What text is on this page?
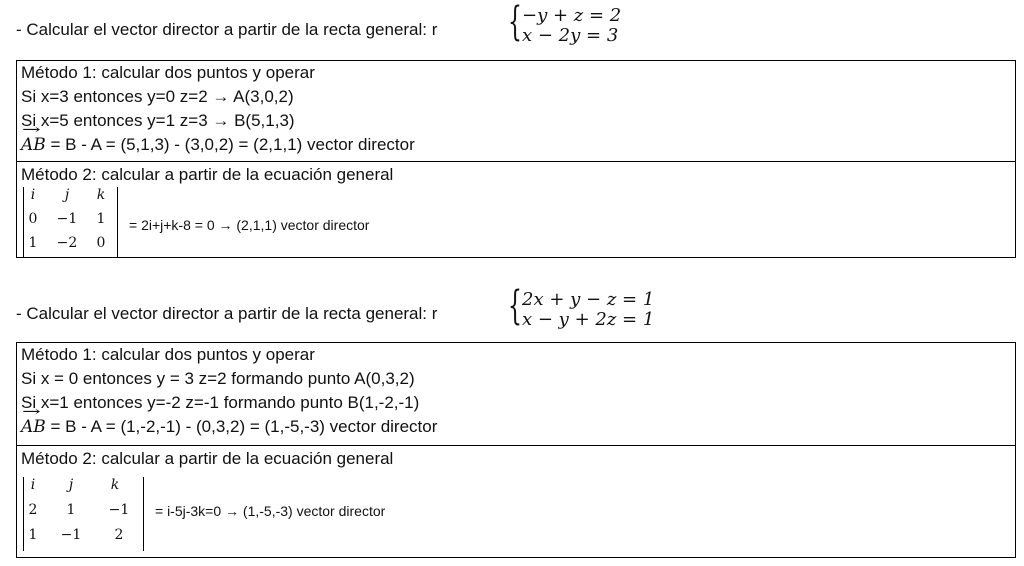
- Calcular el vector director a partir de la recta general: r { −y + z = 2
x − 2y = 3
Método 1: calcular dos puntos y operar
Si x=3 entonces y=0 z=2 → A(3,0,2)
Si x=5 entonces y=1 z=3 → B(5,1,3)
→ AB = B - A = (5,1,3) - (3,0,2) = (2,1,1) vector director
Método 2: calcular a partir de la ecuación general
i	j	k
0	−1	1
1	−2	0
= 2i+j+k-8 = 0 → (2,1,1) vector director
- Calcular el vector director a partir de la recta general: r { 2x + y − z = 1
x − y + 2z = 1
Método 1: calcular dos puntos y operar
Si x = 0 entonces y = 3 z=2 formando punto A(0,3,2)
Si x=1 entonces y=-2 z=-1 formando punto B(1,-2,-1)
→ AB = B - A = (1,-2,-1) - (0,3,2) = (1,-5,-3) vector director
Método 2: calcular a partir de la ecuación general
i	j	k
2	1	−1
1	−1	2
= i-5j-3k=0 → (1,-5,-3) vector director
